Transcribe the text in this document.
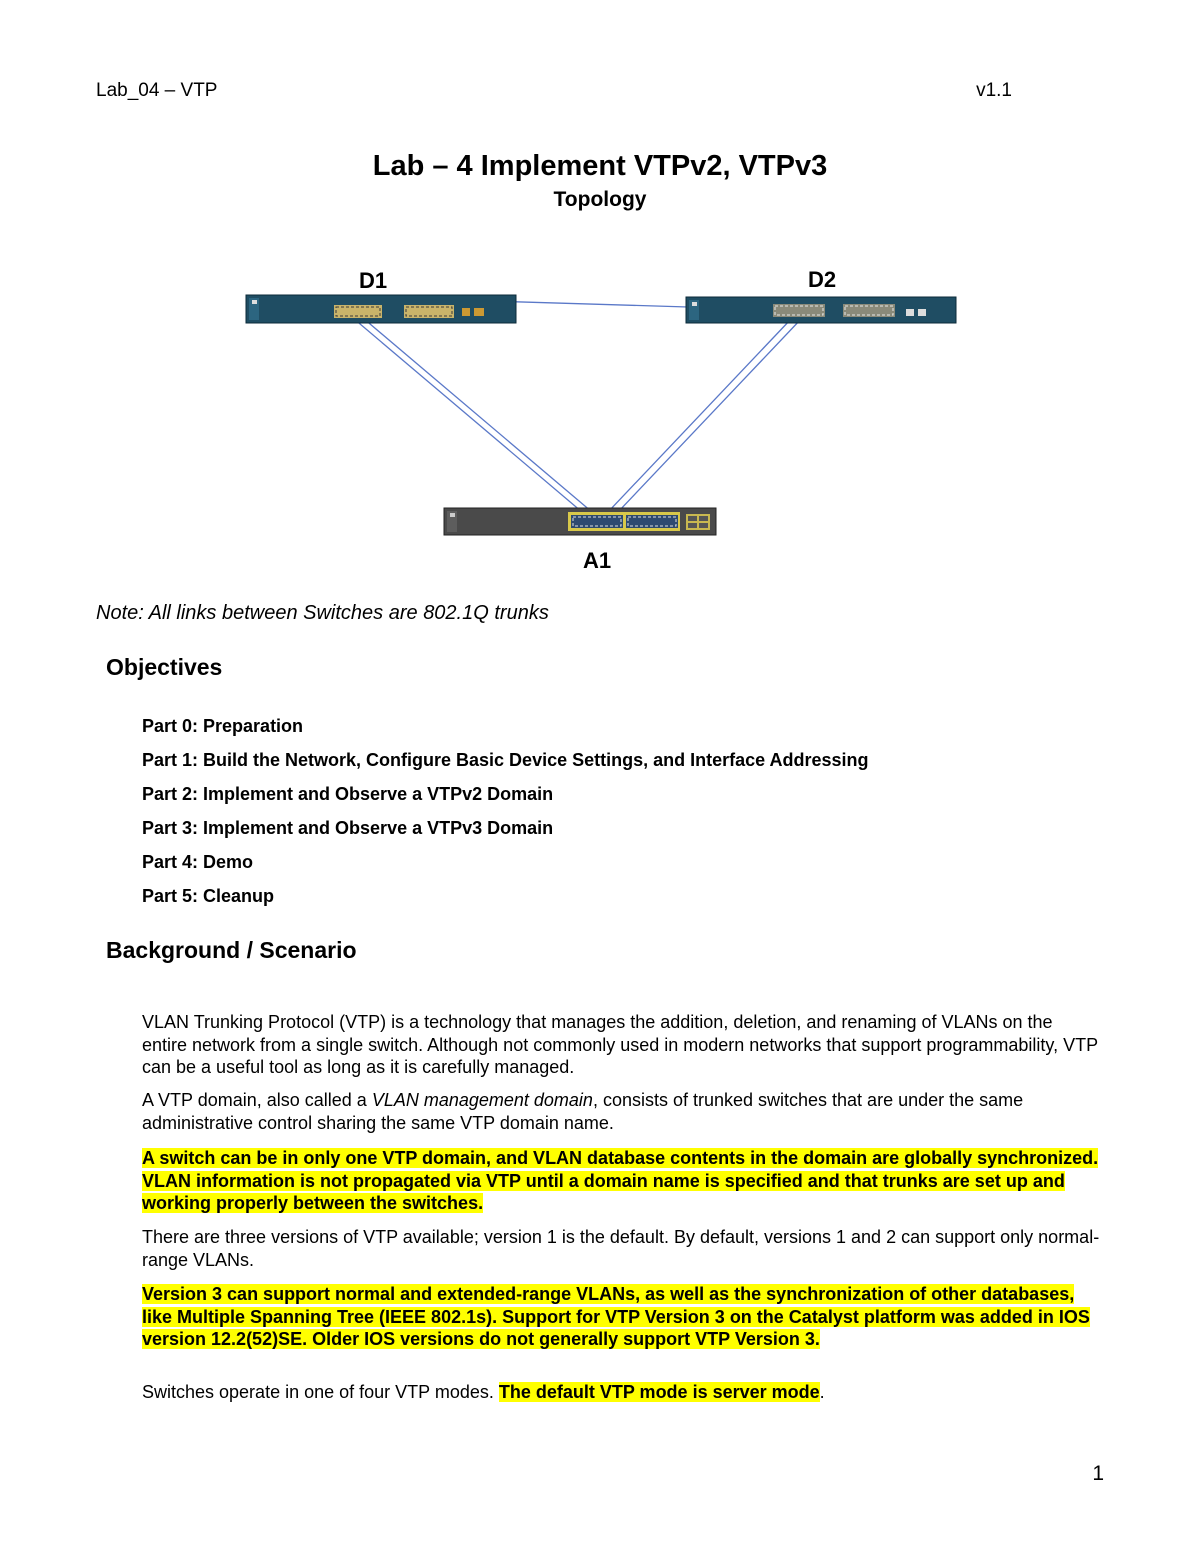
Lab_04 – VTP	v1.1
Lab – 4 Implement VTPv2, VTPv3
Topology
D1	D2
A1
Note: All links between Switches are 802.1Q trunks
Objectives
Part 0: Preparation
Part 1: Build the Network, Configure Basic Device Settings, and Interface Addressing
Part 2: Implement and Observe a VTPv2 Domain
Part 3: Implement and Observe a VTPv3 Domain
Part 4: Demo
Part 5: Cleanup
Background / Scenario

VLAN Trunking Protocol (VTP) is a technology that manages the addition, deletion, and renaming of VLANs on the entire network from a single switch. Although not commonly used in modern networks that support programmability, VTP can be a useful tool as long as it is carefully managed.

A VTP domain, also called a VLAN management domain, consists of trunked switches that are under the same administrative control sharing the same VTP domain name.

A switch can be in only one VTP domain, and VLAN database contents in the domain are globally synchronized. VLAN information is not propagated via VTP until a domain name is specified and that trunks are set up and working properly between the switches.

There are three versions of VTP available; version 1 is the default. By default, versions 1 and 2 can support only normal-range VLANs.

Version 3 can support normal and extended-range VLANs, as well as the synchronization of other databases, like Multiple Spanning Tree (IEEE 802.1s). Support for VTP Version 3 on the Catalyst platform was added in IOS version 12.2(52)SE. Older IOS versions do not generally support VTP Version 3.

Switches operate in one of four VTP modes. The default VTP mode is server mode.

1
